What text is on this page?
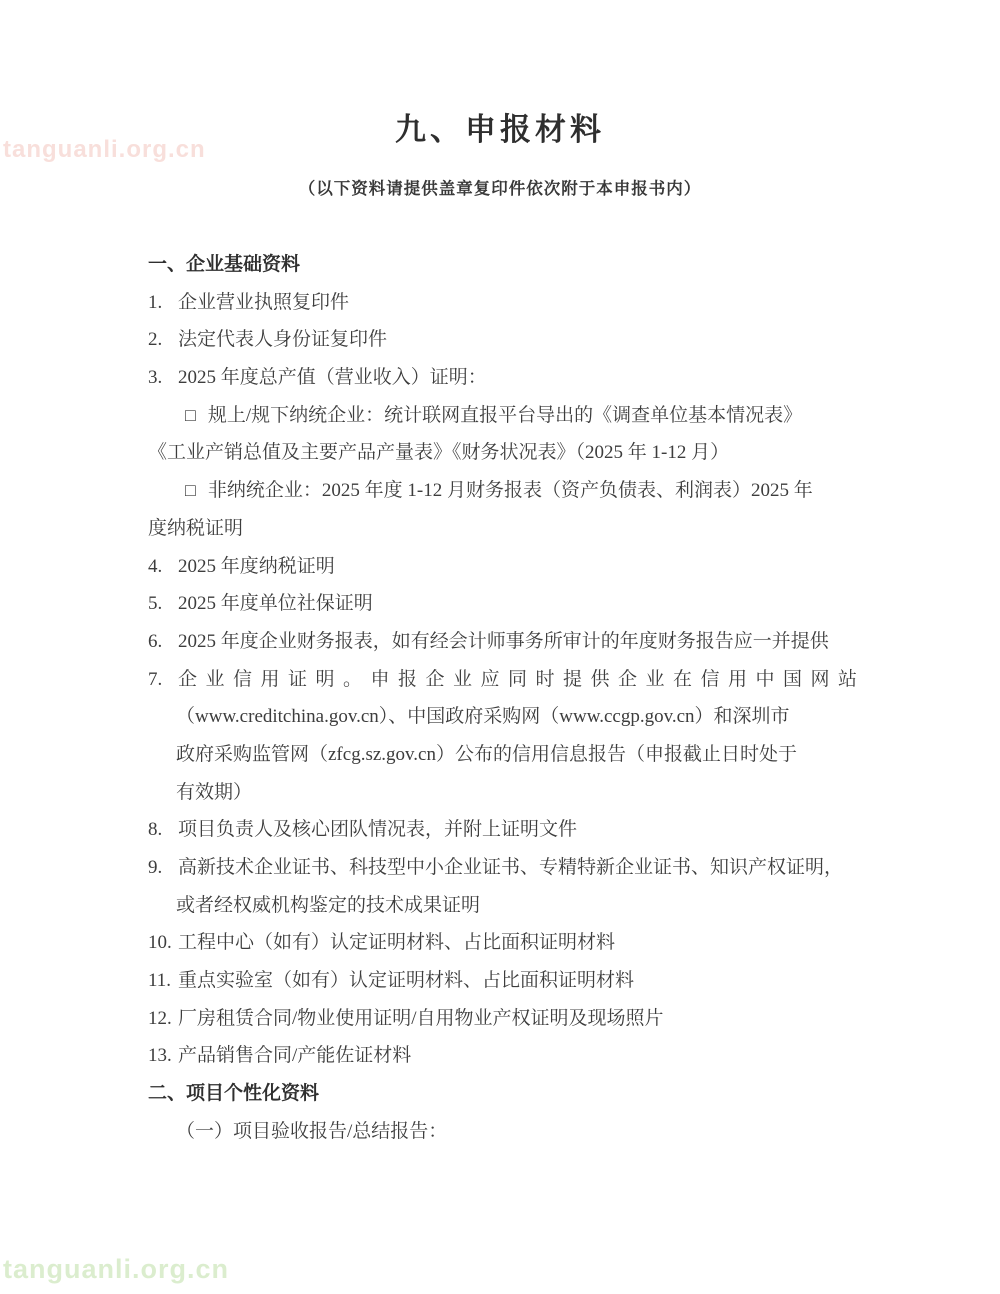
tanguanli.org.cn
九、申报材料
（以下资料请提供盖章复印件依次附于本申报书内）
一、企业基础资料
1. 企业营业执照复印件
2. 法定代表人身份证复印件
3. 2025 年度总产值（营业收入）证明：
□ 规上/规下纳统企业：统计联网直报平台导出的《调查单位基本情况表》
《工业产销总值及主要产品产量表》《财务状况表》（2025 年 1-12 月）
□ 非纳统企业：2025 年度 1-12 月财务报表（资产负债表、利润表）2025 年
度纳税证明
4. 2025 年度纳税证明
5. 2025 年度单位社保证明
6. 2025 年度企业财务报表，如有经会计师事务所审计的年度财务报告应一并提供
7. 企业信用证明。申报企业应同时提供企业在信用中国网站
（www.creditchina.gov.cn）、中国政府采购网（www.ccgp.gov.cn）和深圳市
政府采购监管网（zfcg.sz.gov.cn）公布的信用信息报告（申报截止日时处于
有效期）
8. 项目负责人及核心团队情况表，并附上证明文件
9. 高新技术企业证书、科技型中小企业证书、专精特新企业证书、知识产权证明，
或者经权威机构鉴定的技术成果证明
10. 工程中心（如有）认定证明材料、占比面积证明材料
11. 重点实验室（如有）认定证明材料、占比面积证明材料
12. 厂房租赁合同/物业使用证明/自用物业产权证明及现场照片
13. 产品销售合同/产能佐证材料
二、项目个性化资料
（一）项目验收报告/总结报告：
tanguanli.org.cn
